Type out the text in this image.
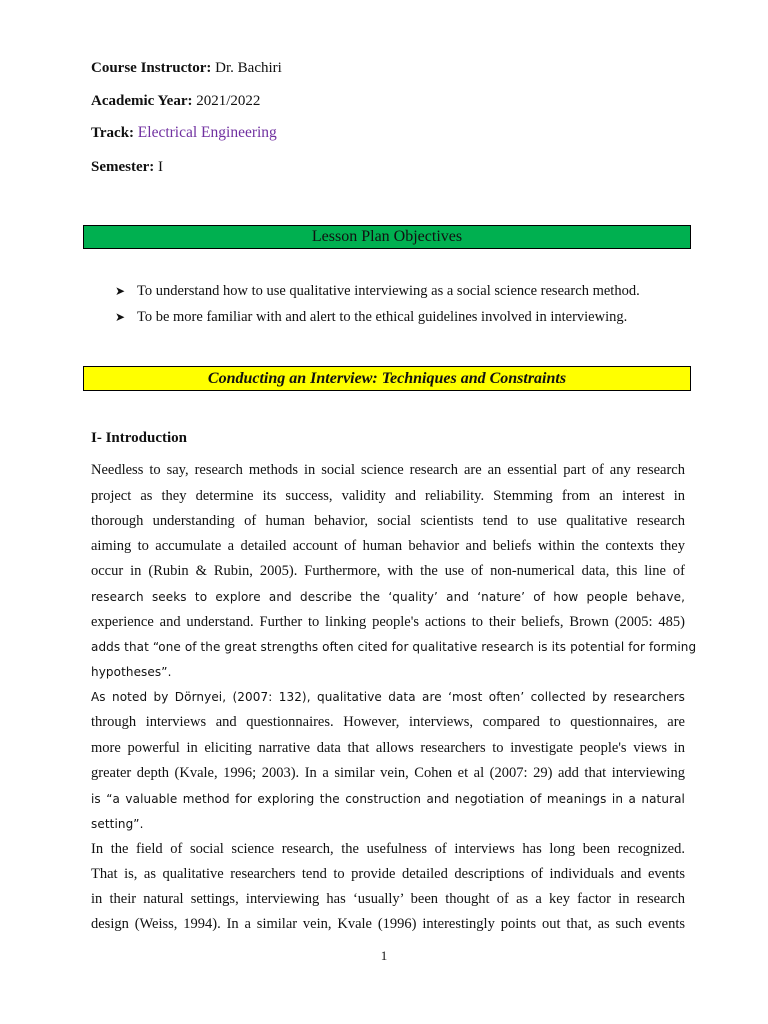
Course Instructor: Dr. Bachiri
Academic Year: 2021/2022
Track: Electrical Engineering
Semester: I
Lesson Plan Objectives
➤ To understand how to use qualitative interviewing as a social science research method.
➤ To be more familiar with and alert to the ethical guidelines involved in interviewing.
Conducting an Interview: Techniques and Constraints
I- Introduction
Needless to say, research methods in social science research are an essential part of any research
project as they determine its success, validity and reliability. Stemming from an interest in
thorough understanding of human behavior, social scientists tend to use qualitative research
aiming to accumulate a detailed account of human behavior and beliefs within the contexts they
occur in (Rubin & Rubin, 2005). Furthermore, with the use of non-numerical data, this line of
research seeks to explore and describe the ‘quality’ and ‘nature’ of how people behave,
experience and understand. Further to linking people's actions to their beliefs, Brown (2005: 485)
adds that “one of the great strengths often cited for qualitative research is its potential for forming
hypotheses”.
As noted by Dörnyei, (2007: 132), qualitative data are ‘most often’ collected by researchers
through interviews and questionnaires. However, interviews, compared to questionnaires, are
more powerful in eliciting narrative data that allows researchers to investigate people's views in
greater depth (Kvale, 1996; 2003). In a similar vein, Cohen et al (2007: 29) add that interviewing
is “a valuable method for exploring the construction and negotiation of meanings in a natural
setting”.
In the field of social science research, the usefulness of interviews has long been recognized.
That is, as qualitative researchers tend to provide detailed descriptions of individuals and events
in their natural settings, interviewing has ‘usually’ been thought of as a key factor in research
design (Weiss, 1994). In a similar vein, Kvale (1996) interestingly points out that, as such events
1
